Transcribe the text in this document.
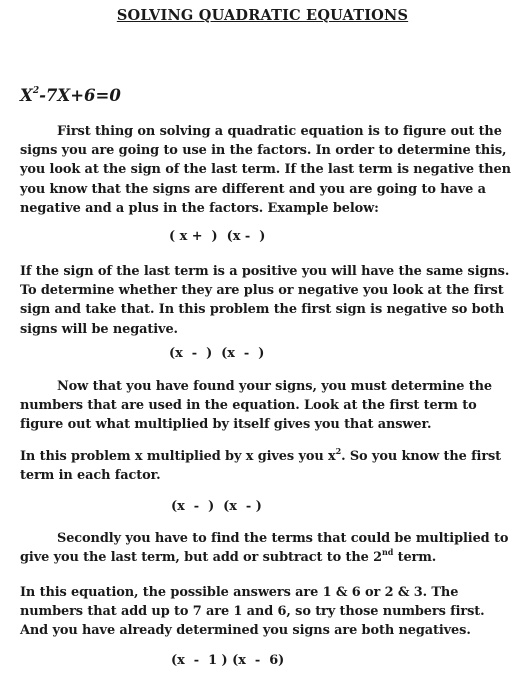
SOLVING QUADRATIC EQUATIONS
$X^2-7X+6=0$
First thing on solving a quadratic equation is to figure out the signs you are going to use in the factors. In order to determine this, you look at the sign of the last term. If the last term is negative then you know that the signs are different and you are going to have a negative and a plus in the factors. Example below:
( x +  )  (x -  )
If the sign of the last term is a positive you will have the same signs. To determine whether they are plus or negative you look at the first sign and take that. In this problem the first sign is negative so both signs will be negative.
(x  -  )  (x  -  )
Now that you have found your signs, you must determine the numbers that are used in the equation. Look at the first term to figure out what multiplied by itself gives you that answer.
In this problem x multiplied by x gives you $x^2$. So you know the first term in each factor.
(x  -  )  (x  - )
Secondly you have to find the terms that could be multiplied to give you the last term, but add or subtract to the 2nd term.
In this equation, the possible answers are 1 & 6 or 2 & 3. The numbers that add up to 7 are 1 and 6, so try those numbers first. And you have already determined you signs are both negatives.
(x  -  1 ) (x  -  6)
